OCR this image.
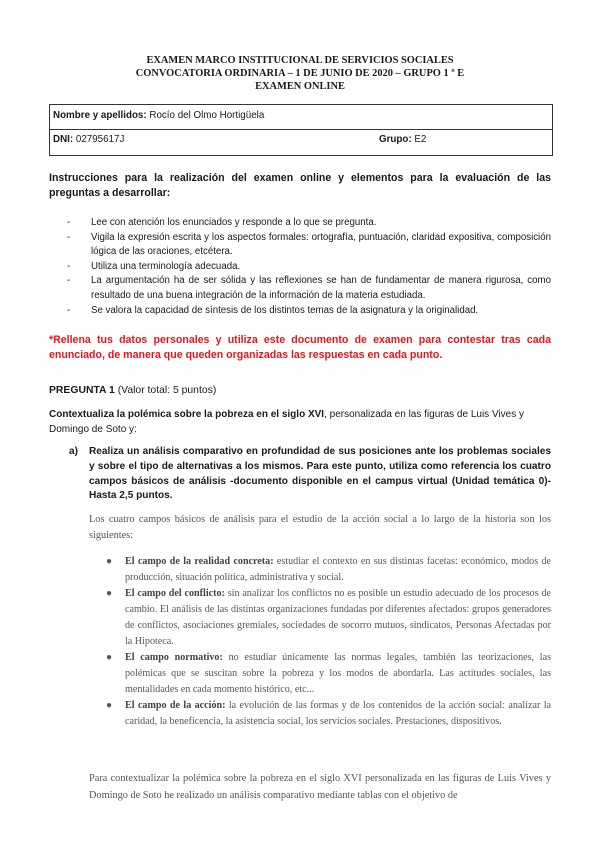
EXAMEN MARCO INSTITUCIONAL DE SERVICIOS SOCIALES
CONVOCATORIA ORDINARIA – 1 DE JUNIO DE 2020 – GRUPO 1 º E
EXAMEN ONLINE
Nombre y apellidos: Rocío del Olmo Hortigüela
DNI: 02795617J	Grupo: E2
Instrucciones para la realización del examen online y elementos para la evaluación de las preguntas a desarrollar:
- Lee con atención los enunciados y responde a lo que se pregunta.
- Vigila la expresión escrita y los aspectos formales: ortografía, puntuación, claridad expositiva, composición lógica de las oraciones, etcétera.
- Utiliza una terminología adecuada.
- La argumentación ha de ser sólida y las reflexiones se han de fundamentar de manera rigurosa, como resultado de una buena integración de la información de la materia estudiada.
- Se valora la capacidad de síntesis de los distintos temas de la asignatura y la originalidad.
*Rellena tus datos personales y utiliza este documento de examen para contestar tras cada enunciado, de manera que queden organizadas las respuestas en cada punto.
PREGUNTA 1 (Valor total: 5 puntos)
Contextualiza la polémica sobre la pobreza en el siglo XVI, personalizada en las figuras de Luis Vives y Domingo de Soto y:
a) Realiza un análisis comparativo en profundidad de sus posiciones ante los problemas sociales y sobre el tipo de alternativas a los mismos. Para este punto, utiliza como referencia los cuatro campos básicos de análisis -documento disponible en el campus virtual (Unidad temática 0)- Hasta 2,5 puntos.
Los cuatro campos básicos de análisis para el estudio de la acción social a lo largo de la historia son los siguientes:
● El campo de la realidad concreta: estudiar el contexto en sus distintas facetas: económico, modos de producción, situación política, administrativa y social.
● El campo del conflicto: sin analizar los conflictos no es posible un estudio adecuado de los procesos de cambio. El análisis de las distintas organizaciones fundadas por diferentes afectados: grupos generadores de conflictos, asociaciones gremiales, sociedades de socorro mutuos, sindicatos, Personas Afectadas por la Hipoteca.
● El campo normativo: no estudiar únicamente las normas legales, también las teorizaciones, las polémicas que se suscitan sobre la pobreza y los modos de abordarla. Las actitudes sociales, las mentalidades en cada momento histórico, etc...
● El campo de la acción: la evolución de las formas y de los contenidos de la acción social: analizar la caridad, la beneficencia, la asistencia social, los servicios sociales. Prestaciones, dispositivos.
Para contextualizar la polémica sobre la pobreza en el siglo XVI personalizada en las figuras de Luis Vives y Domingo de Soto he realizado un análisis comparativo mediante tablas con el objetivo de
